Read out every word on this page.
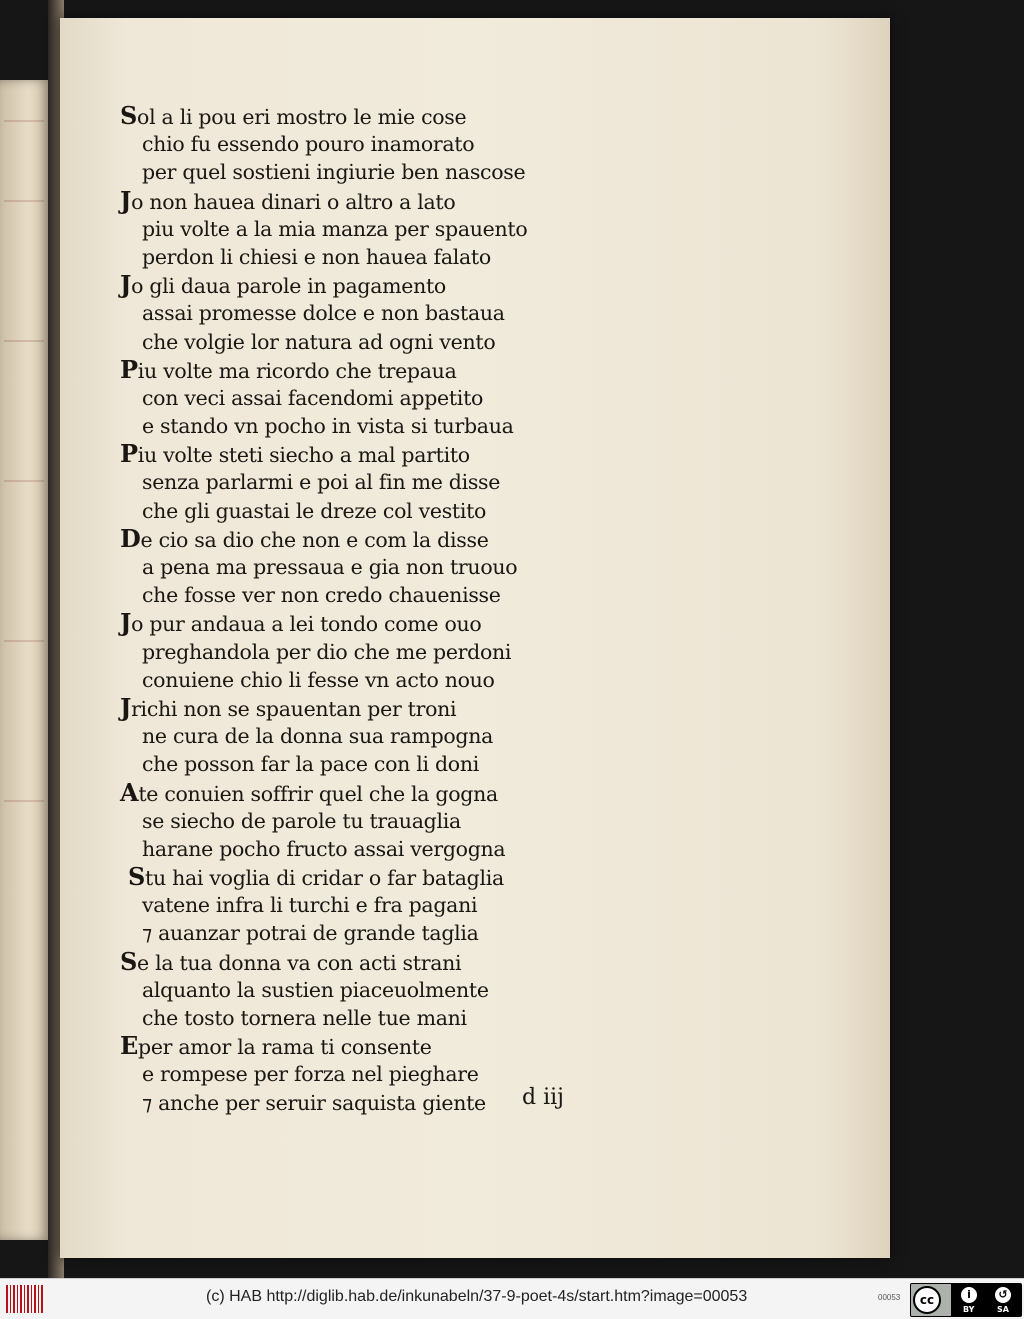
Sol a li pou eri mostro le mie cose
chio fu essendo pouro inamorato
per quel sostieni ingiurie ben nascose
Jo non hauea dinari o altro a lato
piu volte a la mia manza per spauento
perdon li chiesi e non hauea falato
Jo gli daua parole in pagamento
assai promesse dolce e non bastaua
che volgie lor natura ad ogni vento
Piu volte ma ricordo che trepaua
con veci assai facendomi appetito
e stando vn pocho in vista si turbaua
Piu volte steti siecho a mal partito
senza parlarmi e poi al fin me disse
che gli guastai le dreze col vestito
De cio sa dio che non e com la disse
a pena ma pressaua e gia non truouo
che fosse ver non credo chauenisse
Jo pur andaua a lei tondo come ouo
preghandola per dio che me perdoni
conuiene chio li fesse vn acto nouo
Jrichi non se spauentan per troni
ne cura de la donna sua rampogna
che posson far la pace con li doni
Ate conuien soffrir quel che la gogna
se siecho de parole tu trauaglia
harane pocho fructo assai vergogna
Stu hai voglia di cridar o far bataglia
vatene infra li turchi e fra pagani
⁊ auanzar potrai de grande taglia
Se la tua donna va con acti strani
alquanto la sustien piaceuolmente
che tosto tornera nelle tue mani
Eper amor la rama ti consente
e rompese per forza nel pieghare
⁊ anche per seruir saquista giente	d iij
(c) HAB http://diglib.hab.de/inkunabeln/37-9-poet-4s/start.htm?image=00053	00053	cc	i	↺
BY	SA
